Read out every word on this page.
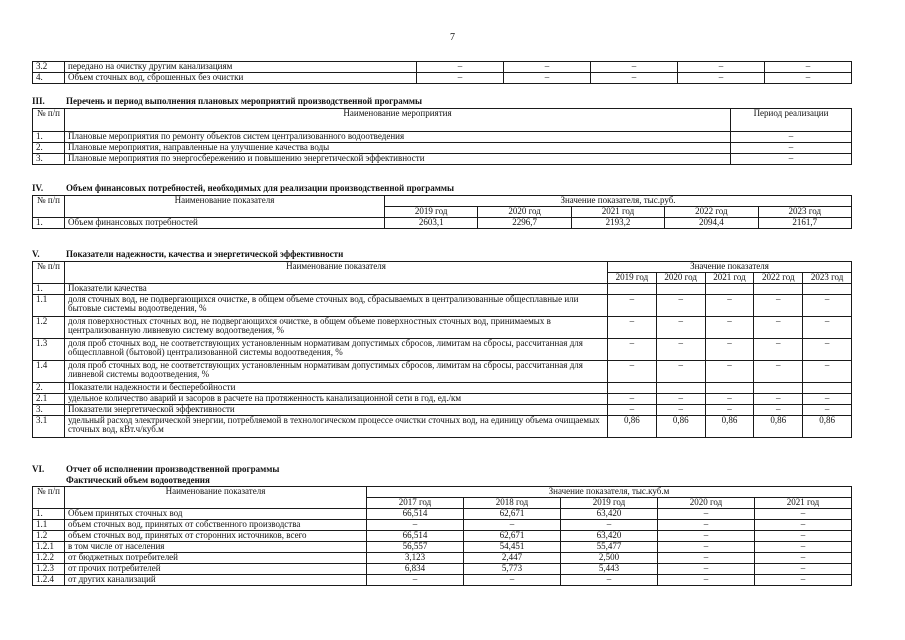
7
3.2	передано на очистку другим канализациям	–	–	–	–	–
4.	Объем сточных вод, сброшенных без очистки	–	–	–	–	–
III. Перечень и период выполнения плановых мероприятий производственной программы
№ п/п	Наименование мероприятия	Период реализации
1.	Плановые мероприятия по ремонту объектов систем централизованного водоотведения	–
2.	Плановые мероприятия, направленные на улучшение качества воды	–
3.	Плановые мероприятия по энергосбережению и повышению энергетической эффективности	–
IV.	Объем финансовых потребностей, необходимых для реализации производственной программы
№ п/п	Наименование показателя	Значение показателя, тыс.руб.				
		2019 год	2020 год	2021 год	2022 год	2023 год
1.	Объем финансовых потребностей	2603,1	2296,7	2193,2	2094,4	2161,7
V.	Показатели надежности, качества и энергетической эффективности
№ п/п	Наименование показателя	Значение показателя				
		2019 год	2020 год	2021 год	2022 год	2023 год
1.	Показатели качества					
1.1	доля сточных вод, не подвергающихся очистке, в общем объеме сточных вод, сбрасываемых в централизованные общесплавные или бытовые системы водоотведения, %	–	–	–	–	–
1.2	доля поверхностных сточных вод, не подвергающихся очистке, в общем объеме поверхностных сточных вод, принимаемых в централизованную ливневую систему водоотведения, %	–	–	–	–	–
1.3	доля проб сточных вод, не соответствующих установленным нормативам допустимых сбросов, лимитам на сбросы, рассчитанная для общесплавной (бытовой) централизованной системы водоотведения, %	–	–	–	–	–
1.4	доля проб сточных вод, не соответствующих установленным нормативам допустимых сбросов, лимитам на сбросы, рассчитанная для ливневой системы водоотведения, %	–	–	–	–	–
2.	Показатели надежности и бесперебойности					
2.1	удельное количество аварий и засоров в расчете на протяженность канализационной сети в год, ед./км	–	–	–	–	–
3.	Показатели энергетической эффективности	–	–	–	–	–
3.1	удельный расход электрической энергии, потребляемой в технологическом процессе очистки сточных вод, на единицу объема очищаемых сточных вод, кВт.ч/куб.м	0,86	0,86	0,86	0,86	0,86
VI. Отчет об исполнении производственной программы
Фактический объем водоотведения
№ п/п	Наименование показателя	Значение показателя, тыс.куб.м				
		2017 год	2018 год	2019 год	2020 год	2021 год
1.	Объем принятых сточных вод	66,514	62,671	63,420	–	–
1.1	объем сточных вод, принятых от собственного производства	–	–	–	–	–
1.2	объем сточных вод, принятых от сторонних источников, всего	66,514	62,671	63,420	–	–
1.2.1	в том числе от населения	56,557	54,451	55,477	–	–
1.2.2	от бюджетных потребителей	3,123	2,447	2,500	–	–
1.2.3	от прочих потребителей	6,834	5,773	5,443	–	–
1.2.4	от других канализаций	–	–	–	–	–
